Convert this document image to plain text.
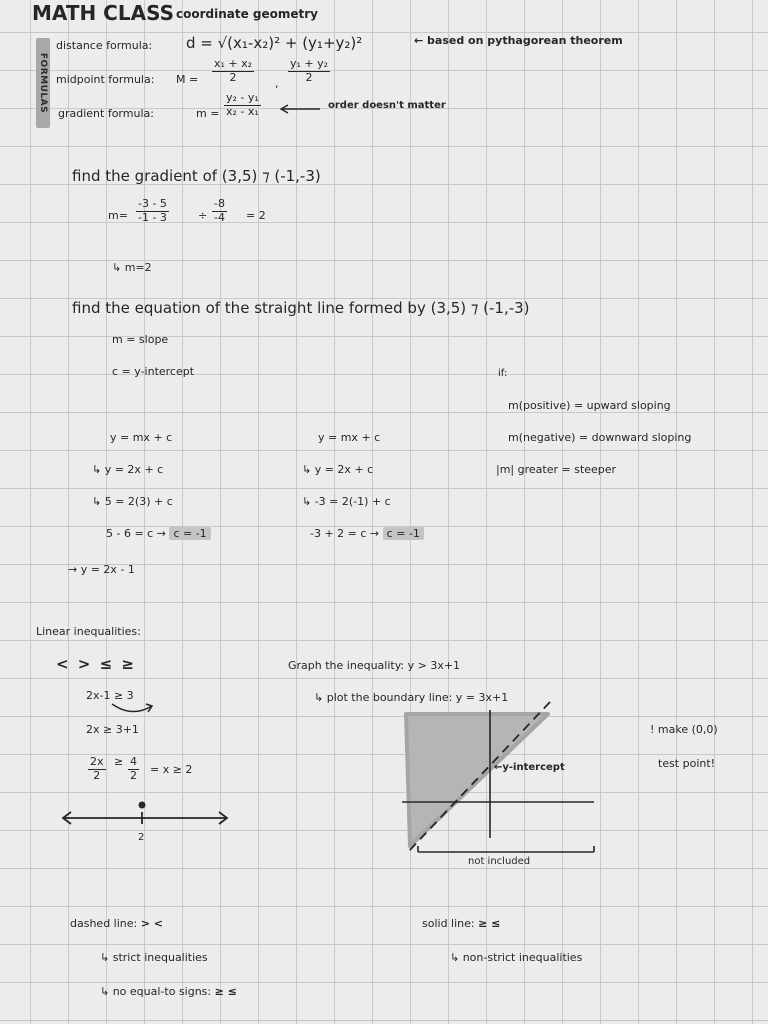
MATH CLASS coordinate geometry
FORMULAS
distance formula: d = √(x₁-x₂)² + (y₁+y₂)²	← based on pythagorean theorem
midpoint formula: $M = \frac{\text{x₁ + x₂}}{2}$ , $\frac{\text{y₁ + y₂}}{2}$
gradient formula:	$m = \frac{\text{y₂ - y₁}}{\text{x₂ - x₁}}$	order doesn't matter
find the gradient of (3,5) ⁊ (-1,-3)
$m= \frac{-3 - 5}{-1 - 3}$	÷ $\frac{-8}{-4} = 2$
↳ m=2
find the equation of the straight line formed by (3,5) ⁊ (-1,-3)
m = slope
c = y-intercept	if:
m(positive) = upward sloping
m(negative) = downward sloping
|m| greater = steeper
y = mx + c
↳ y = 2x + c
↳ 5 = 2(3) + c
5 - 6 = c → c = -1
→ y = 2x - 1
y = mx + c
↳ y = 2x + c
↳ -3 = 2(-1) + c
-3 + 2 = c → c = -1
Linear inequalities:
< > ≤ ≥
2x-1 ≥ 3
2x ≥ 3+1
$\frac{2x}{2} \ge \frac{4}{2} = x \ge 2$
2
Graph the inequality: y > 3x+1
↳ plot the boundary line: y = 3x+1
←y-intercept
not included
! make (0,0)
test point!
dashed line: > <
↳ strict inequalities
↳ no equal-to signs: ≥ ≤
solid line: ≥ ≤
↳ non-strict inequalities
